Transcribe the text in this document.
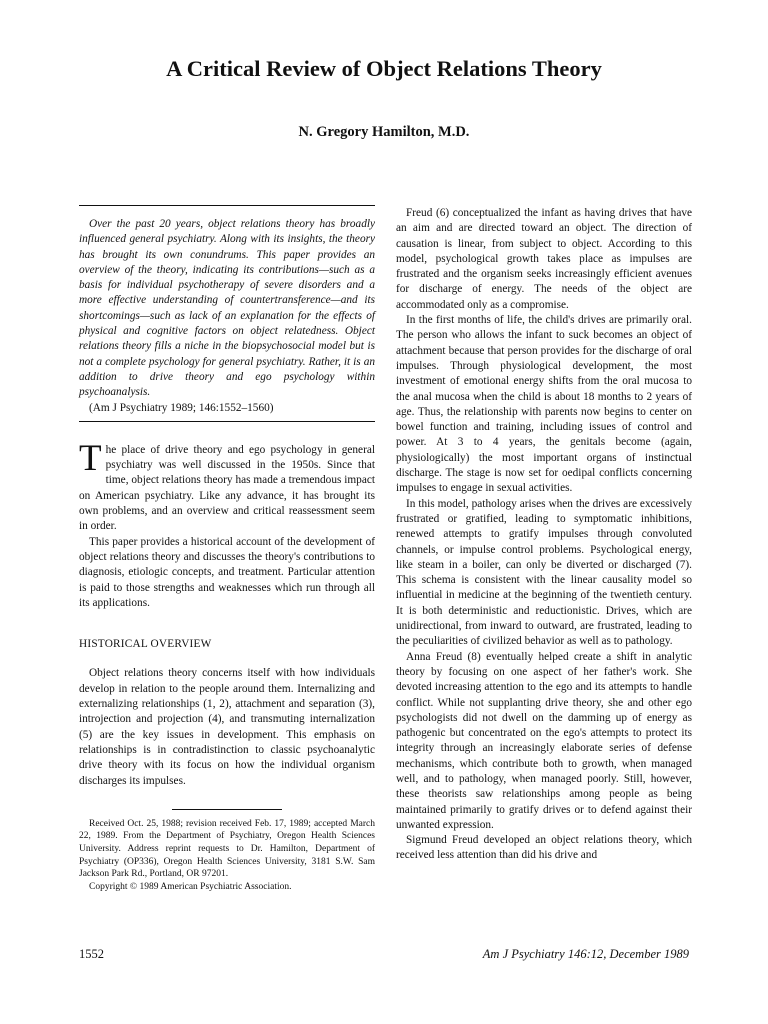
A Critical Review of Object Relations Theory
N. Gregory Hamilton, M.D.

Over the past 20 years, object relations theory has broadly influenced general psychiatry. Along with its insights, the theory has brought its own conundrums. This paper provides an overview of the theory, indicating its contributions—such as a basis for individual psychotherapy of severe disorders and a more effective understanding of countertransference—and its shortcomings—such as lack of an explanation for the effects of physical and cognitive factors on object relatedness. Object relations theory fills a niche in the biopsychosocial model but is not a complete psychology for general psychiatry. Rather, it is an addition to drive theory and ego psychology within psychoanalysis.

(Am J Psychiatry 1989; 146:1552–1560)

The place of drive theory and ego psychology in general psychiatry was well discussed in the 1950s. Since that time, object relations theory has made a tremendous impact on American psychiatry. Like any advance, it has brought its own problems, and an overview and critical reassessment seem in order.

This paper provides a historical account of the development of object relations theory and discusses the theory's contributions to diagnosis, etiologic concepts, and treatment. Particular attention is paid to those strengths and weaknesses which run through all its applications.

HISTORICAL OVERVIEW

Object relations theory concerns itself with how individuals develop in relation to the people around them. Internalizing and externalizing relationships (1, 2), attachment and separation (3), introjection and projection (4), and transmuting internalization (5) are the key issues in development. This emphasis on relationships is in contradistinction to classic psychoanalytic drive theory with its focus on how the individual organism discharges its impulses.

Received Oct. 25, 1988; revision received Feb. 17, 1989; accepted March 22, 1989. From the Department of Psychiatry, Oregon Health Sciences University. Address reprint requests to Dr. Hamilton, Department of Psychiatry (OP336), Oregon Health Sciences University, 3181 S.W. Sam Jackson Park Rd., Portland, OR 97201.

Copyright © 1989 American Psychiatric Association.

Freud (6) conceptualized the infant as having drives that have an aim and are directed toward an object. The direction of causation is linear, from subject to object. According to this model, psychological growth takes place as impulses are frustrated and the organism seeks increasingly efficient avenues for discharge of energy. The needs of the object are accommodated only as a compromise.

In the first months of life, the child's drives are primarily oral. The person who allows the infant to suck becomes an object of attachment because that person provides for the discharge of oral impulses. Through physiological development, the most investment of emotional energy shifts from the oral mucosa to the anal mucosa when the child is about 18 months to 2 years of age. Thus, the relationship with parents now begins to center on bowel function and training, including issues of control and power. At 3 to 4 years, the genitals become (again, physiologically) the most important organs of instinctual discharge. The stage is now set for oedipal conflicts concerning impulses to engage in sexual activities.

In this model, pathology arises when the drives are excessively frustrated or gratified, leading to symptomatic inhibitions, renewed attempts to gratify impulses through convoluted channels, or impulse control problems. Psychological energy, like steam in a boiler, can only be diverted or discharged (7). This schema is consistent with the linear causality model so influential in medicine at the beginning of the twentieth century. It is both deterministic and reductionistic. Drives, which are unidirectional, from inward to outward, are frustrated, leading to the peculiarities of civilized behavior as well as to pathology.

Anna Freud (8) eventually helped create a shift in analytic theory by focusing on one aspect of her father's work. She devoted increasing attention to the ego and its attempts to handle conflict. While not supplanting drive theory, she and other ego psychologists did not dwell on the damming up of energy as pathogenic but concentrated on the ego's attempts to protect its integrity through an increasingly elaborate series of defense mechanisms, which contribute both to growth, when managed well, and to pathology, when managed poorly. Still, however, these theorists saw relationships among people as being maintained primarily to gratify drives or to defend against their unwanted expression.

Sigmund Freud developed an object relations theory, which received less attention than did his drive and

1552	Am J Psychiatry 146:12, December 1989
